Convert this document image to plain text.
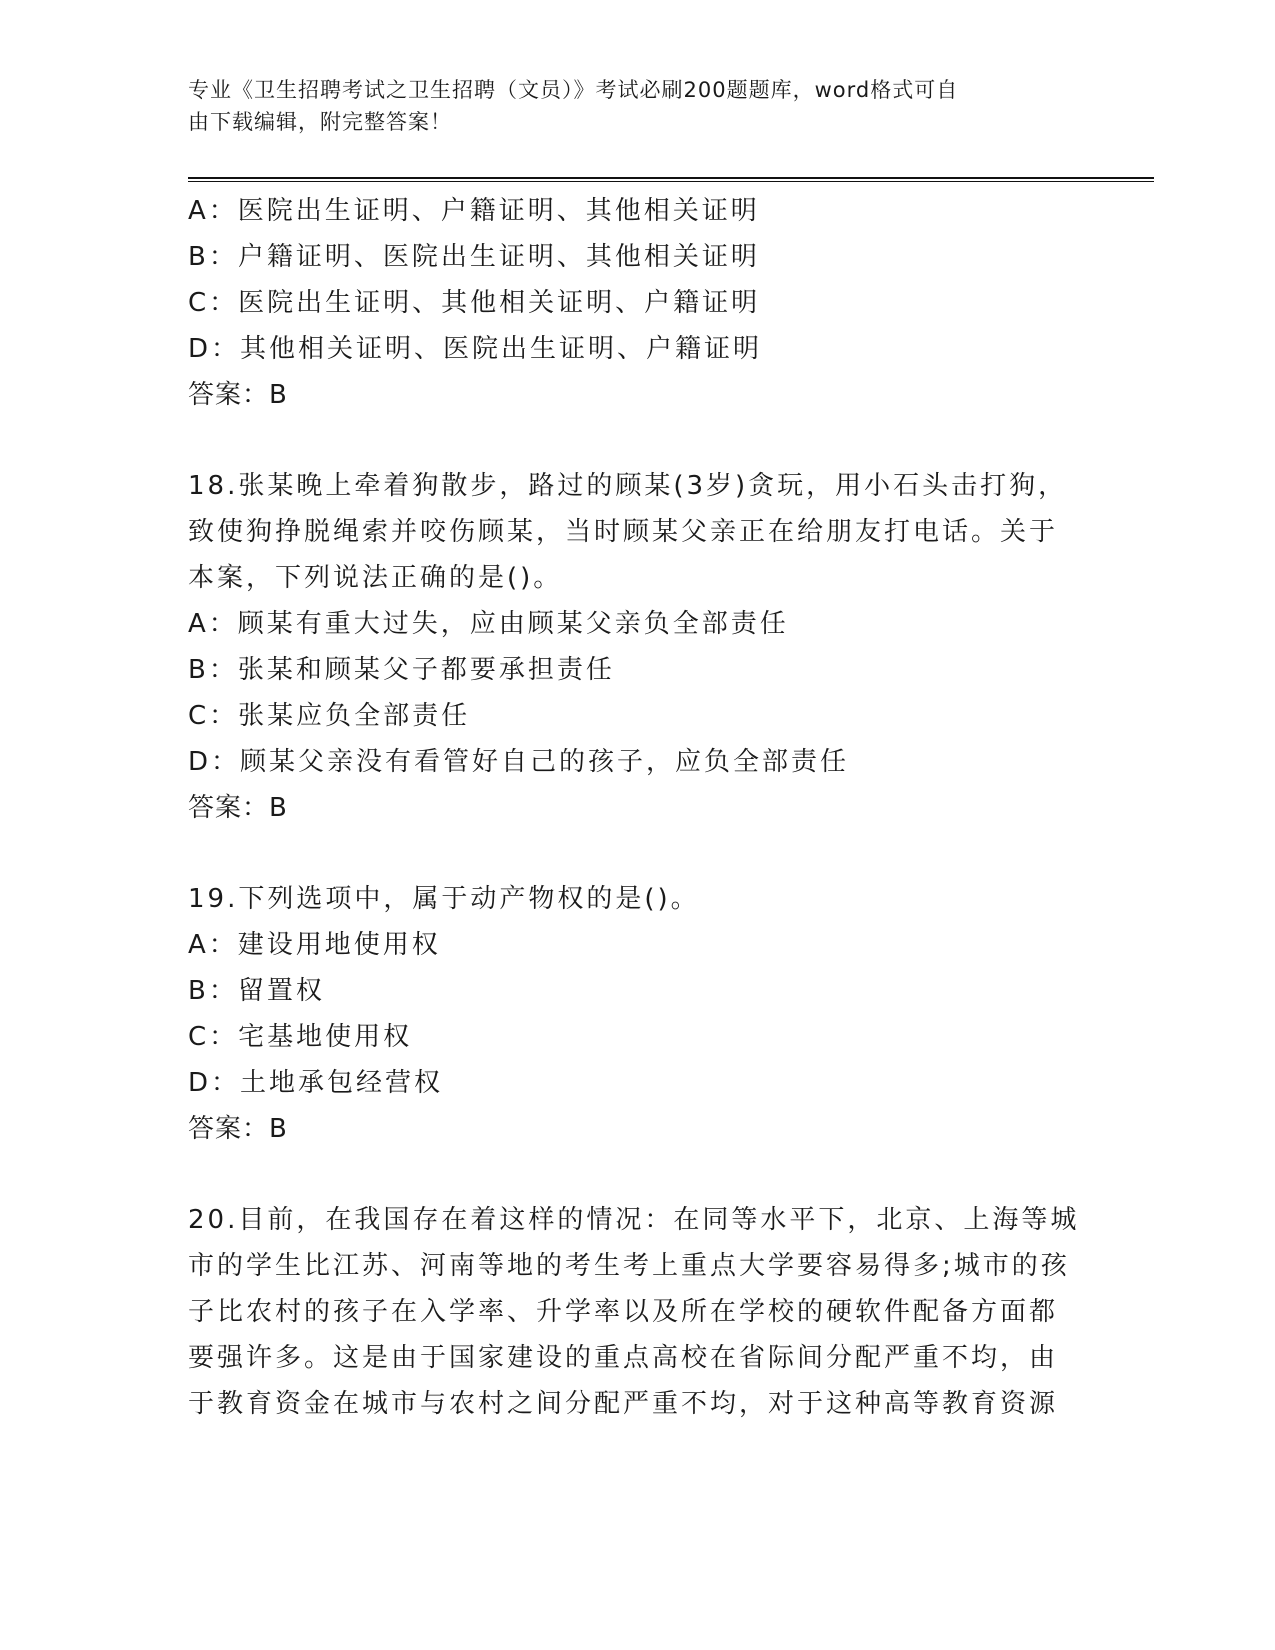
专业《卫生招聘考试之卫生招聘（文员）》考试必刷200题题库，word格式可自
由下载编辑，附完整答案！
A：医院出生证明、户籍证明、其他相关证明
B：户籍证明、医院出生证明、其他相关证明
C：医院出生证明、其他相关证明、户籍证明
D：其他相关证明、医院出生证明、户籍证明
答案：B
18.张某晚上牵着狗散步，路过的顾某(3岁)贪玩，用小石头击打狗，
致使狗挣脱绳索并咬伤顾某，当时顾某父亲正在给朋友打电话。关于
本案，下列说法正确的是()。
A：顾某有重大过失，应由顾某父亲负全部责任
B：张某和顾某父子都要承担责任
C：张某应负全部责任
D：顾某父亲没有看管好自己的孩子，应负全部责任
答案：B
19.下列选项中，属于动产物权的是()。
A：建设用地使用权
B：留置权
C：宅基地使用权
D：土地承包经营权
答案：B
20.目前，在我国存在着这样的情况：在同等水平下，北京、上海等城
市的学生比江苏、河南等地的考生考上重点大学要容易得多;城市的孩
子比农村的孩子在入学率、升学率以及所在学校的硬软件配备方面都
要强许多。这是由于国家建设的重点高校在省际间分配严重不均，由
于教育资金在城市与农村之间分配严重不均，对于这种高等教育资源
